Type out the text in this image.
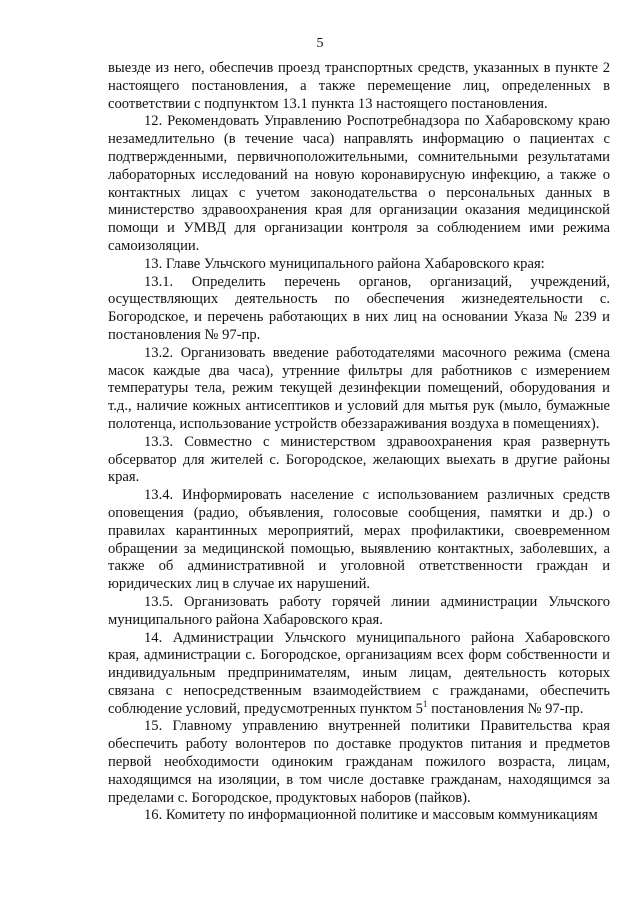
5

выезде из него, обеспечив проезд транспортных средств, указанных в пункте 2 настоящего постановления, а также перемещение лиц, определенных в соответствии с подпунктом 13.1 пункта 13 настоящего постановления.

12. Рекомендовать Управлению Роспотребнадзора по Хабаровскому краю незамедлительно (в течение часа) направлять информацию о пациентах с подтвержденными, первичноположительными, сомнительными результатами лабораторных исследований на новую коронавирусную инфекцию, а также о контактных лицах с учетом законодательства о персональных данных в министерство здравоохранения края для организации оказания медицинской помощи и УМВД для организации контроля за соблюдением ими режима самоизоляции.

13. Главе Ульчского муниципального района Хабаровского края:

13.1. Определить перечень органов, организаций, учреждений, осуществляющих деятельность по обеспечения жизнедеятельности с. Богородское, и перечень работающих в них лиц на основании Указа № 239 и постановления № 97-пр.

13.2. Организовать введение работодателями масочного режима (смена масок каждые два часа), утренние фильтры для работников с измерением температуры тела, режим текущей дезинфекции помещений, оборудования и т.д., наличие кожных антисептиков и условий для мытья рук (мыло, бумажные полотенца, использование устройств обеззараживания воздуха в помещениях).

13.3. Совместно с министерством здравоохранения края развернуть обсерватор для жителей с. Богородское, желающих выехать в другие районы края.

13.4. Информировать население с использованием различных средств оповещения (радио, объявления, голосовые сообщения, памятки и др.) о правилах карантинных мероприятий, мерах профилактики, своевременном обращении за медицинской помощью, выявлению контактных, заболевших, а также об административной и уголовной ответственности граждан и юридических лиц в случае их нарушений.

13.5. Организовать работу горячей линии администрации Ульчского муниципального района Хабаровского края.

14. Администрации Ульчского муниципального района Хабаровского края, администрации с. Богородское, организациям всех форм собственности и индивидуальным предпринимателям, иным лицам, деятельность которых связана с непосредственным взаимодействием с гражданами, обеспечить соблюдение условий, предусмотренных пунктом $5^1$ постановления № 97-пр.

15. Главному управлению внутренней политики Правительства края обеспечить работу волонтеров по доставке продуктов питания и предметов первой необходимости одиноким гражданам пожилого возраста, лицам, находящимся на изоляции, в том числе доставке гражданам, находящимся за пределами с. Богородское, продуктовых наборов (пайков).

16. Комитету по информационной политике и массовым коммуникациям
